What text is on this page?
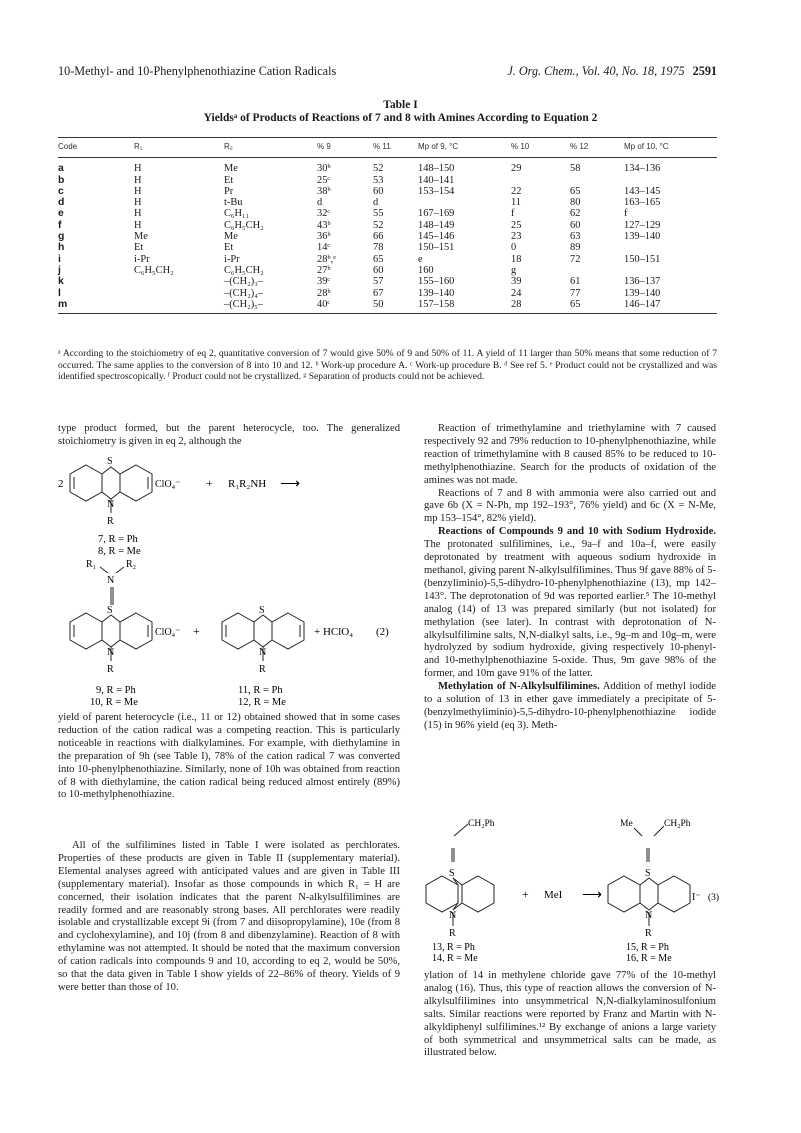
10-Methyl- and 10-Phenylphenothiazine Cation Radicals	J. Org. Chem., Vol. 40, No. 18, 1975 2591
Table I
Yieldsᵃ of Products of Reactions of 7 and 8 with Amines According to Equation 2
Code	R₁	R₂	% 9	% 11	Mp of 9, °C	% 10	% 12	Mp of 10, °C
a	H	Me	30ᵇ	52	148–150	29	58	134–136
b	H	Et	25ᶜ	53	140–141			
c	H	Pr	38ᵇ	60	153–154	22	65	143–145
d	H	t-Bu	d	d		11	80	163–165
e	H	C₆H₁₁	32ᶜ	55	167–169	f	62	f
f	H	C₆H₅CH₂	43ᵇ	52	148–149	25	60	127–129
g	Me	Me	36ᵇ	66	145–146	23	63	139–140
h	Et	Et	14ᶜ	78	150–151	0	89	
i	i-Pr	i-Pr	28ᵇ,ᵉ	65	e	18	72	150–151
j	C₆H₅CH₂	C₆H₅CH₂	27ᵇ	60	160	g		
k		–(CH₂)₃–	39ᶜ	57	155–160	39	61	136–137
l		–(CH₂)₄–	28ᵇ	67	139–140	24	77	139–140
m		–(CH₂)₅–	40ᶜ	50	157–158	28	65	146–147
ᵃ According to the stoichiometry of eq 2, quantitative conversion of 7 would give 50% of 9 and 50% of 11. A yield of 11 larger than 50% means that some reduction of 7 occurred. The same applies to the conversion of 8 into 10 and 12. ᵇ Work-up procedure A. ᶜ Work-up procedure B. ᵈ See ref 5. ᵉ Product could not be crystallized and was identified spectroscopically. ᶠ Product could not be crystallized. ᵍ Separation of products could not be achieved.

type product formed, but the parent heterocycle, too. The generalized stoichiometry is given in eq 2, although the

2
S
N
R
ClO₄⁻ + R₁R₂NH ⟶
7, R = Ph
8, R = Me
R₁	R₂
N
S
N
R
ClO₄⁻ +
9, R = Ph
10, R = Me
S
N
R
+ HClO₄ (2)
11, R = Ph
12, R = Me

yield of parent heterocycle (i.e., 11 or 12) obtained showed that in some cases reduction of the cation radical was a competing reaction. This is particularly noticeable in reactions with dialkylamines. For example, with diethylamine in the preparation of 9h (see Table I), 78% of the cation radical 7 was converted into 10-phenylphenothiazine. Similarly, none of 10h was obtained from reaction of 8 with diethylamine, the cation radical being reduced almost entirely (89%) to 10-methylphenothiazine.

All of the sulfilimines listed in Table I were isolated as perchlorates. Properties of these products are given in Table II (supplementary material). Elemental analyses agreed with anticipated values and are given in Table III (supplementary material). Insofar as those compounds in which R₁ = H are concerned, their isolation indicates that the parent N-alkylsulfilimines are readily formed and are reasonably strong bases. All perchlorates were readily isolable and crystallizable except 9i (from 7 and diisopropylamine), 10e (from 8 and cyclohexylamine), and 10j (from 8 and dibenzylamine). Reaction of 8 with ethylamine was not attempted. It should be noted that the maximum conversion of cation radicals into compounds 9 and 10, according to eq 2, would be 50%, so that the data given in Table I show yields of 22–86% of theory. Yields of 9 were better than those of 10.

Reaction of trimethylamine and triethylamine with 7 caused respectively 92 and 79% reduction to 10-phenylphenothiazine, while reaction of trimethylamine with 8 caused 85% to be reduced to 10-methylphenothiazine. Search for the products of oxidation of the amines was not made.

Reactions of 7 and 8 with ammonia were also carried out and gave 6b (X = N-Ph, mp 192–193°, 76% yield) and 6c (X = N-Me, mp 153–154°, 82% yield).

Reactions of Compounds 9 and 10 with Sodium Hydroxide. The protonated sulfilimines, i.e., 9a–f and 10a–f, were easily deprotonated by treatment with aqueous sodium hydroxide in methanol, giving parent N-alkylsulfilimines. Thus 9f gave 88% of 5-(benzyliminio)-5,5-dihydro-10-phenylphenothiazine (13), mp 142–143°. The deprotonation of 9d was reported earlier.⁵ The 10-methyl analog (14) of 13 was prepared similarly (but not isolated) for methylation (see later). In contrast with deprotonation of N-alkylsulfilimine salts, N,N-dialkyl salts, i.e., 9g–m and 10g–m, were hydrolyzed by sodium hydroxide, giving respectively 10-phenyl- and 10-methylphenothiazine 5-oxide. Thus, 9m gave 98% of the former, and 10m gave 91% of the latter.

Methylation of N-Alkylsulfilimines. Addition of methyl iodide to a solution of 13 in ether gave immediately a precipitate of 5-(benzylmethyliminio)-5,5-dihydro-10-phenylphenothiazine iodide (15) in 96% yield (eq 3). Meth-

CH₂Ph
S
N
R
13, R = Ph
14, R = Me
+ MeI ⟶
Me	CH₂Ph
S
N
R
I⁻ (3)
15, R = Ph
16, R = Me

ylation of 14 in methylene chloride gave 77% of the 10-methyl analog (16). Thus, this type of reaction allows the conversion of N-alkylsulfilimines into unsymmetrical N,N-dialkylaminosulfonium salts. Similar reactions were reported by Franz and Martin with N-alkyldiphenyl sulfilimines.¹² By exchange of anions a large variety of both symmetrical and unsymmetrical salts can be made, as illustrated below.
